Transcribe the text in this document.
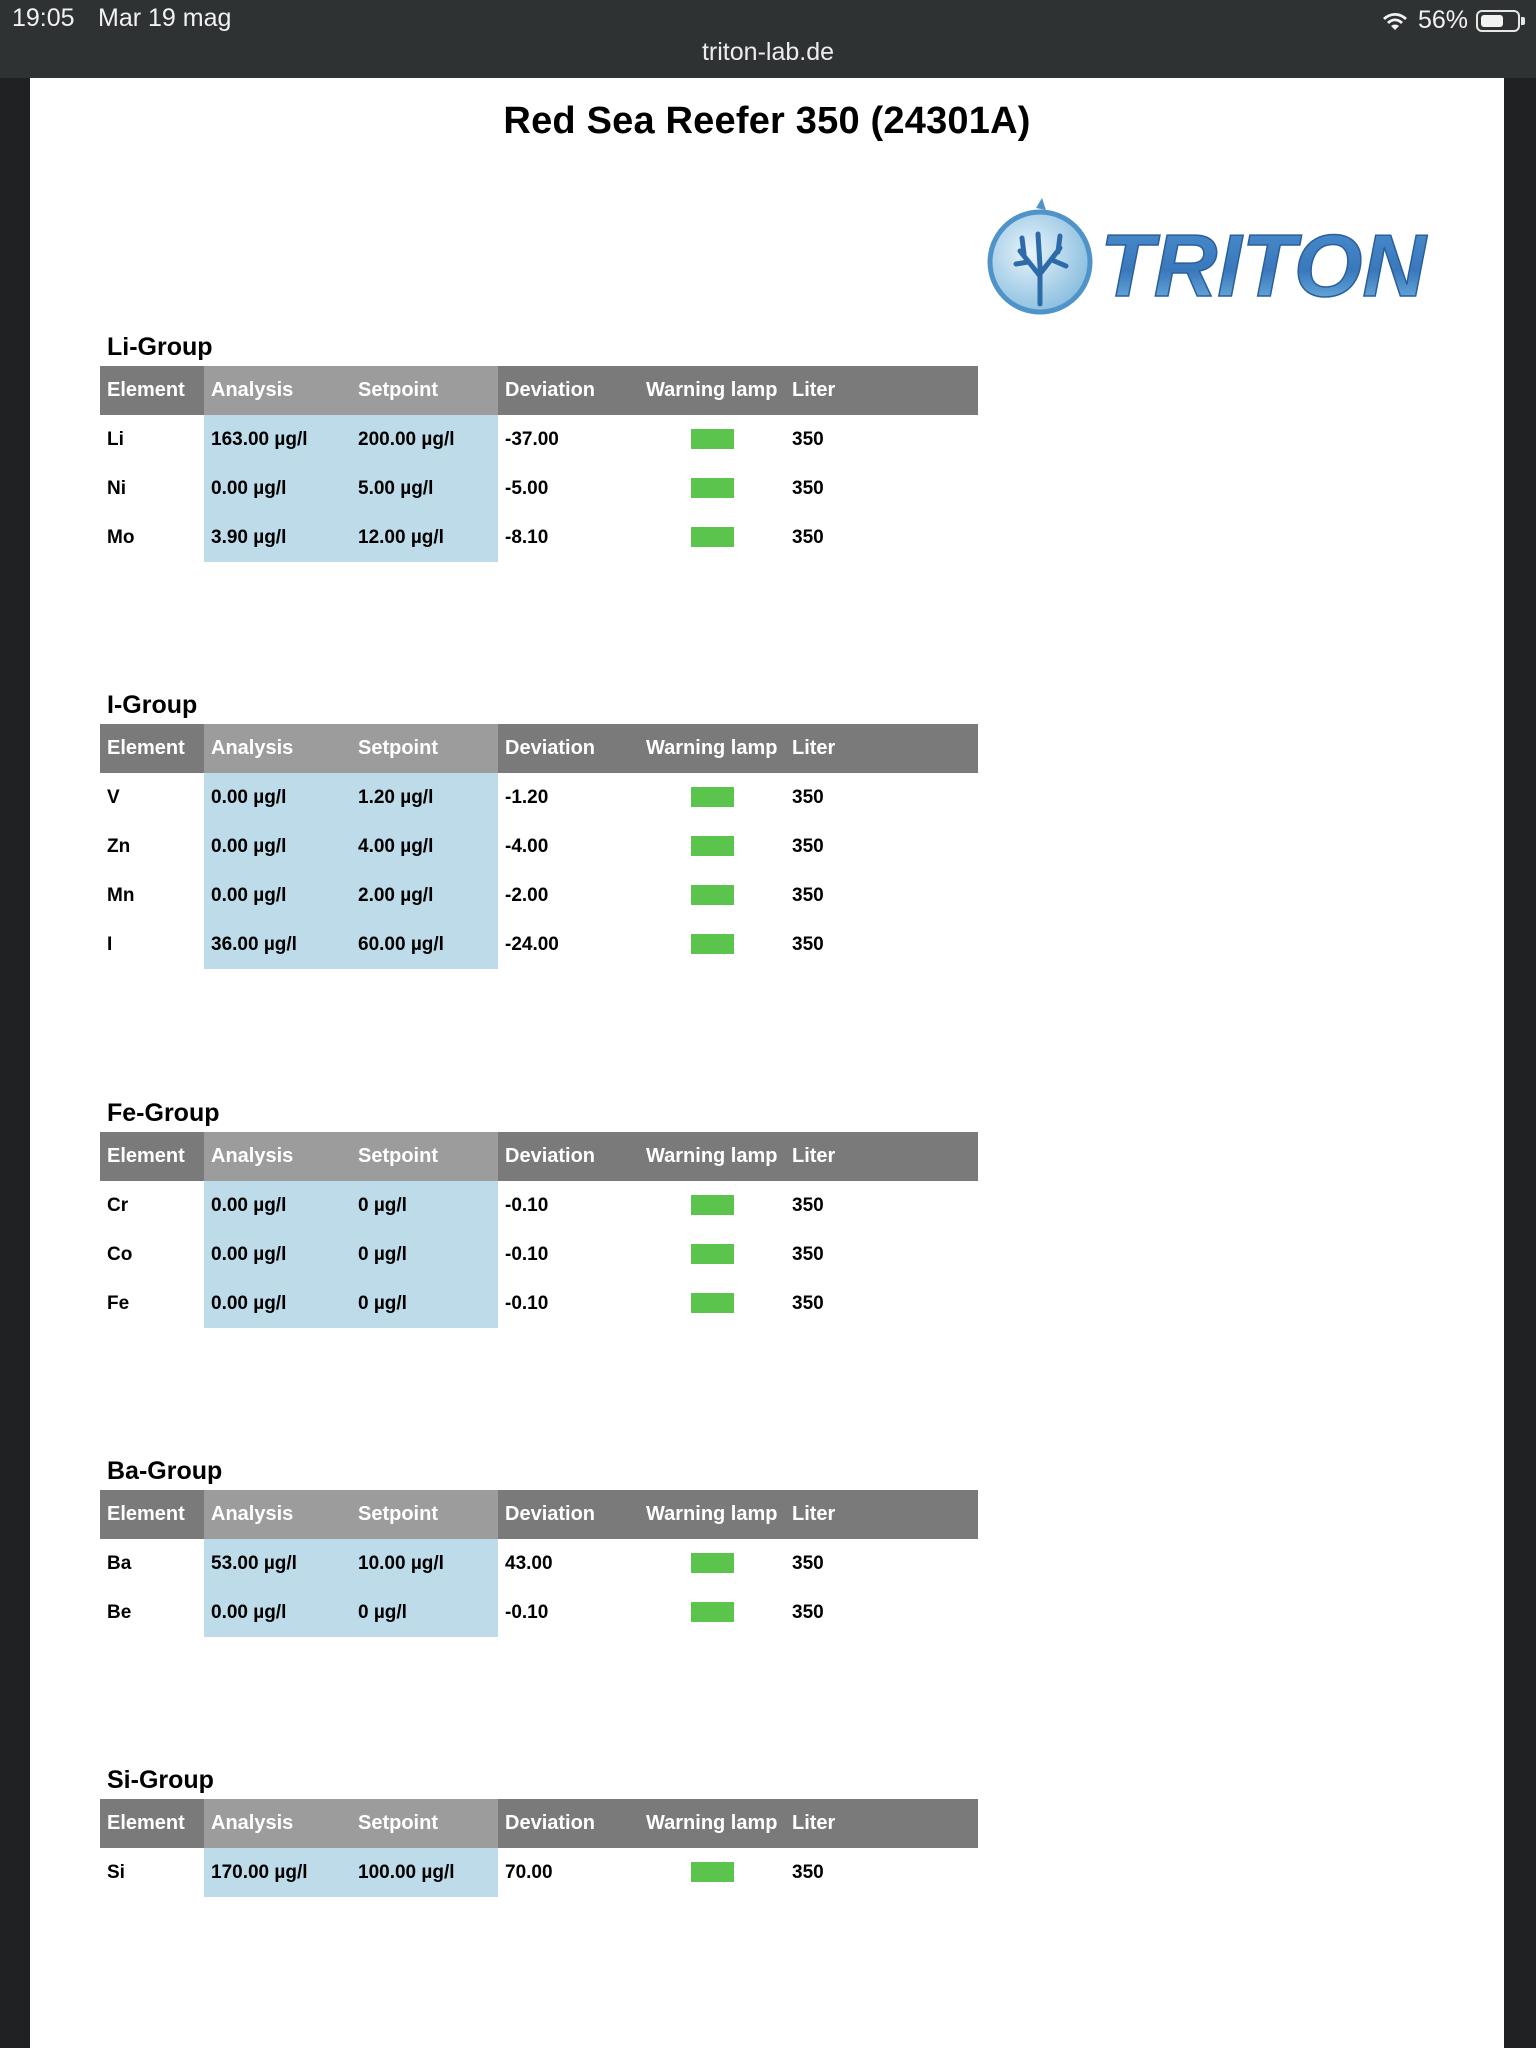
19:05 Mar 19 mag	56%
triton-lab.de
Red Sea Reefer 350 (24301A)
TRITON
Li-Group
Element	Analysis	Setpoint	Deviation	Warning lamp	Liter
Li	163.00 µg/l	200.00 µg/l	-37.00		350
Ni	0.00 µg/l	5.00 µg/l	-5.00		350
Mo	3.90 µg/l	12.00 µg/l	-8.10		350
I-Group
Element	Analysis	Setpoint	Deviation	Warning lamp	Liter
V	0.00 µg/l	1.20 µg/l	-1.20		350
Zn	0.00 µg/l	4.00 µg/l	-4.00		350
Mn	0.00 µg/l	2.00 µg/l	-2.00		350
I	36.00 µg/l	60.00 µg/l	-24.00		350
Fe-Group
Element	Analysis	Setpoint	Deviation	Warning lamp	Liter
Cr	0.00 µg/l	0 µg/l	-0.10		350
Co	0.00 µg/l	0 µg/l	-0.10		350
Fe	0.00 µg/l	0 µg/l	-0.10		350
Ba-Group
Element	Analysis	Setpoint	Deviation	Warning lamp	Liter
Ba	53.00 µg/l	10.00 µg/l	43.00		350
Be	0.00 µg/l	0 µg/l	-0.10		350
Si-Group
Element	Analysis	Setpoint	Deviation	Warning lamp	Liter
Si	170.00 µg/l	100.00 µg/l	70.00		350
